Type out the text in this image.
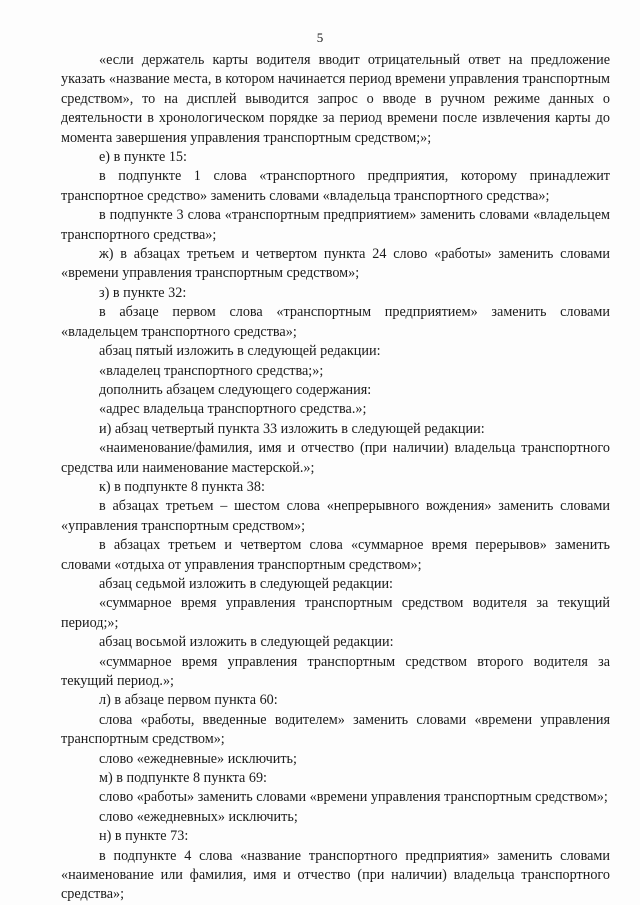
5

«если держатель карты водителя вводит отрицательный ответ на предложение указать «название места, в котором начинается период времени управления транспортным средством», то на дисплей выводится запрос о вводе в ручном режиме данных о деятельности в хронологическом порядке за период времени после извлечения карты до момента завершения управления транспортным средством;»;

е) в пункте 15:

в подпункте 1 слова «транспортного предприятия, которому принадлежит транспортное средство» заменить словами «владельца транспортного средства»;

в подпункте 3 слова «транспортным предприятием» заменить словами «владельцем транспортного средства»;

ж) в абзацах третьем и четвертом пункта 24 слово «работы» заменить словами «времени управления транспортным средством»;

з) в пункте 32:

в абзаце первом слова «транспортным предприятием» заменить словами «владельцем транспортного средства»;

абзац пятый изложить в следующей редакции:

«владелец транспортного средства;»;

дополнить абзацем следующего содержания:

«адрес владельца транспортного средства.»;

и) абзац четвертый пункта 33 изложить в следующей редакции:

«наименование/фамилия, имя и отчество (при наличии) владельца транспортного средства или наименование мастерской.»;

к) в подпункте 8 пункта 38:

в абзацах третьем – шестом слова «непрерывного вождения» заменить словами «управления транспортным средством»;

в абзацах третьем и четвертом слова «суммарное время перерывов» заменить словами «отдыха от управления транспортным средством»;

абзац седьмой изложить в следующей редакции:

«суммарное время управления транспортным средством водителя за текущий период;»;

абзац восьмой изложить в следующей редакции:

«суммарное время управления транспортным средством второго водителя за текущий период.»;

л) в абзаце первом пункта 60:

слова «работы, введенные водителем» заменить словами «времени управления транспортным средством»;

слово «ежедневные» исключить;

м) в подпункте 8 пункта 69:

слово «работы» заменить словами «времени управления транспортным средством»;

слово «ежедневных» исключить;

н) в пункте 73:

в подпункте 4 слова «название транспортного предприятия» заменить словами «наименование или фамилия, имя и отчество (при наличии) владельца транспортного средства»;
